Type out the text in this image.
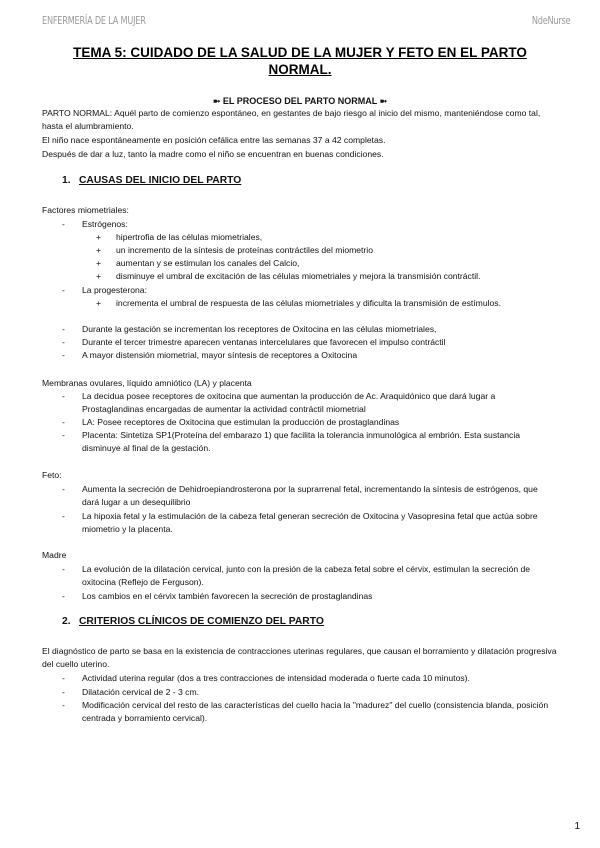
ENFERMERÍA DE LA MUJER	NdeNurse
TEMA 5: CUIDADO DE LA SALUD DE LA MUJER Y FETO EN EL PARTO NORMAL.
➼ EL PROCESO DEL PARTO NORMAL ➼
PARTO NORMAL: Aquél parto de comienzo espontáneo, en gestantes de bajo riesgo al inicio del mismo, manteniéndose como tal, hasta el alumbramiento.
El niño nace espontáneamente en posición cefálica entre las semanas 37 a 42 completas.
Después de dar a luz, tanto la madre como el niño se encuentran en buenas condiciones.
1. CAUSAS DEL INICIO DEL PARTO
Factores miometriales:
-	Estrógenos:
+	hipertrofia de las células miometriales,
+	un incremento de la síntesis de proteínas contráctiles del miometrio
+	aumentan y se estimulan los canales del Calcio,
+	disminuye el umbral de excitación de las células miometriales y mejora la transmisión contráctil.
-	La progesterona:
+	incrementa el umbral de respuesta de las células miometriales y dificulta la transmisión de estímulos.
-	Durante la gestación se incrementan los receptores de Oxitocina en las células miometriales,
-	Durante el tercer trimestre aparecen ventanas intercelulares que favorecen el impulso contráctil
-	A mayor distensión miometrial, mayor síntesis de receptores a Oxitocina
Membranas ovulares, líquido amniótico (LA) y placenta
-	La decidua posee receptores de oxitocina que aumentan la producción de Ac. Araquidónico que dará lugar a Prostaglandinas encargadas de aumentar la actividad contráctil miometrial
-	LA: Posee receptores de Oxitocina que estimulan la producción de prostaglandinas
-	Placenta: Sintetiza SP1(Proteína del embarazo 1) que facilita la tolerancia inmunológica al embrión. Esta sustancia disminuye al final de la gestación.
Feto:
-	Aumenta la secreción de Dehidroepiandrosterona por la suprarrenal fetal, incrementando la síntesis de estrógenos, que dará lugar a un desequilibrio
-	La hipoxia fetal y la estimulación de la cabeza fetal generan secreción de Oxitocina y Vasopresina fetal que actúa sobre miometrio y la placenta.
Madre
-	La evolución de la dilatación cervical, junto con la presión de la cabeza fetal sobre el cérvix, estimulan la secreción de oxitocina (Reflejo de Ferguson).
-	Los cambios en el cérvix también favorecen la secreción de prostaglandinas
2. CRITERIOS CLÍNICOS DE COMIENZO DEL PARTO
El diagnóstico de parto se basa en la existencia de contracciones uterinas regulares, que causan el borramiento y dilatación progresiva del cuello uterino.
-	Actividad uterina regular (dos a tres contracciones de intensidad moderada o fuerte cada 10 minutos).
-	Dilatación cervical de 2 - 3 cm.
-	Modificación cervical del resto de las características del cuello hacia la "madurez" del cuello (consistencia blanda, posición centrada y borramiento cervical).
1
